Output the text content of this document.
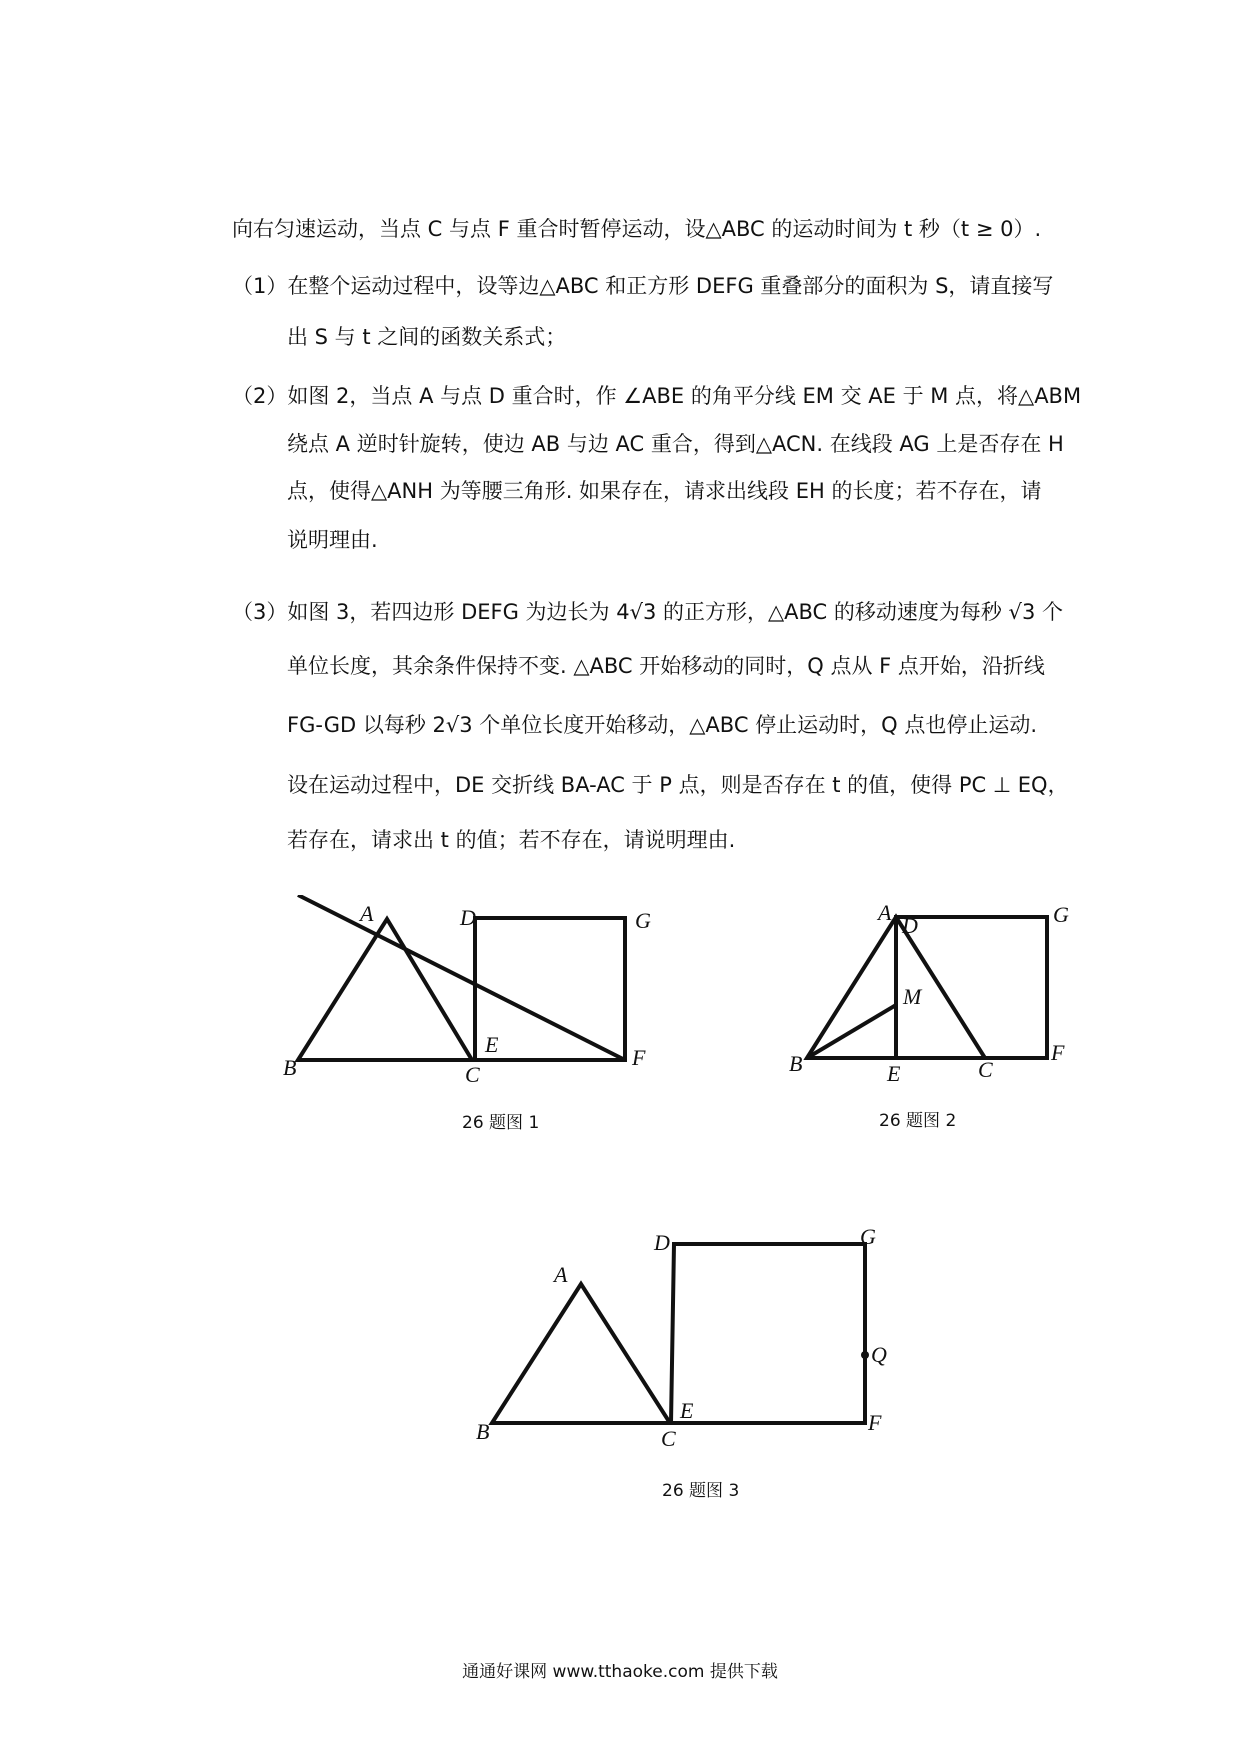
向右匀速运动，当点 C 与点 F 重合时暂停运动，设△ABC 的运动时间为 t 秒（t ≥ 0）.
（1）在整个运动过程中，设等边△ABC 和正方形 DEFG 重叠部分的面积为 S，请直接写
出 S 与 t 之间的函数关系式；
（2）如图 2，当点 A 与点 D 重合时，作 ∠ABE 的角平分线 EM 交 AE 于 M 点，将△ABM
绕点 A 逆时针旋转，使边 AB 与边 AC 重合，得到△ACN. 在线段 AG 上是否存在 H
点，使得△ANH 为等腰三角形. 如果存在，请求出线段 EH 的长度；若不存在，请
说明理由.
（3）如图 3，若四边形 DEFG 为边长为 4√3 的正方形，△ABC 的移动速度为每秒 √3 个
单位长度，其余条件保持不变. △ABC 开始移动的同时，Q 点从 F 点开始，沿折线
FG-GD 以每秒 2√3 个单位长度开始移动，△ABC 停止运动时，Q 点也停止运动.
设在运动过程中，DE 交折线 BA-AC 于 P 点，则是否存在 t 的值，使得 PC ⊥ EQ，
若存在，请求出 t 的值；若不存在，请说明理由.
A
B	C
D
E
F
G
26 题图 1
A
D	G
M
B	E	C
F
26 题图 2
A
B	C
D
E	F
G
Q
26 题图 3
通通好课网 www.tthaoke.com 提供下载
